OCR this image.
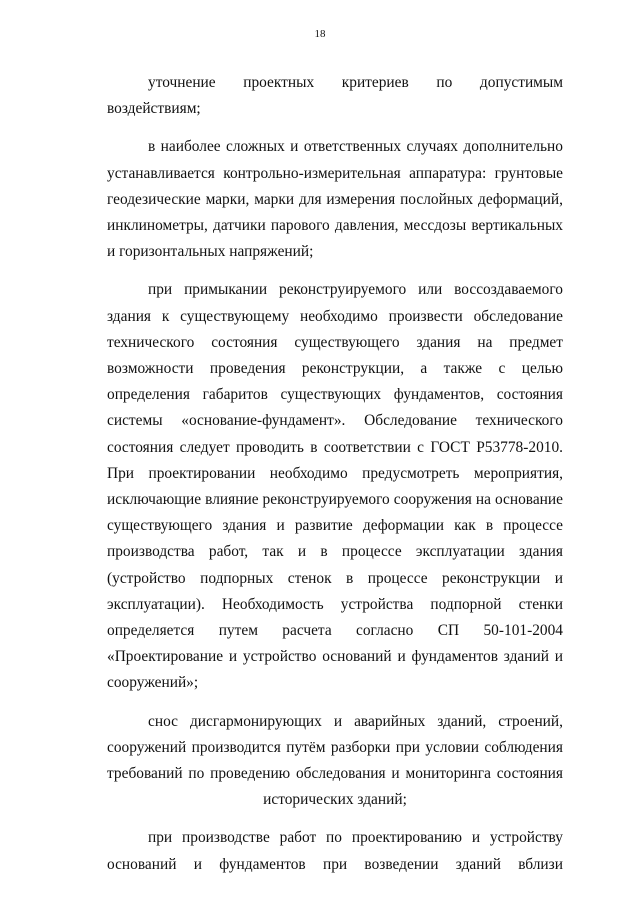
18

уточнение проектных критериев по допустимым воздействиям;

в наиболее сложных и ответственных случаях дополнительно устанавливается контрольно-измерительная аппаратура: грунтовые геодезические марки, марки для измерения послойных деформаций, инклинометры, датчики парового давления, мессдозы вертикальных и горизонтальных напряжений;

при примыкании реконструируемого или воссоздаваемого здания к существующему необходимо произвести обследование технического состояния существующего здания на предмет возможности проведения реконструкции, а также с целью определения габаритов существующих фундаментов, состояния системы «основание-фундамент». Обследование технического состояния следует проводить в соответствии с ГОСТ Р53778-2010. При проектировании необходимо предусмотреть мероприятия, исключающие влияние реконструируемого сооружения на основание существующего здания и развитие деформации как в процессе производства работ, так и в процессе эксплуатации здания (устройство подпорных стенок в процессе реконструкции и эксплуатации). Необходимость устройства подпорной стенки определяется путем расчета согласно СП 50-101-2004 «Проектирование и устройство оснований и фундаментов зданий и сооружений»;

снос дисгармонирующих и аварийных зданий, строений, сооружений производится путём разборки при условии соблюдения требований по проведению обследования и мониторинга состояния исторических зданий;

при производстве работ по проектированию и устройству оснований и фундаментов при возведении зданий вблизи
